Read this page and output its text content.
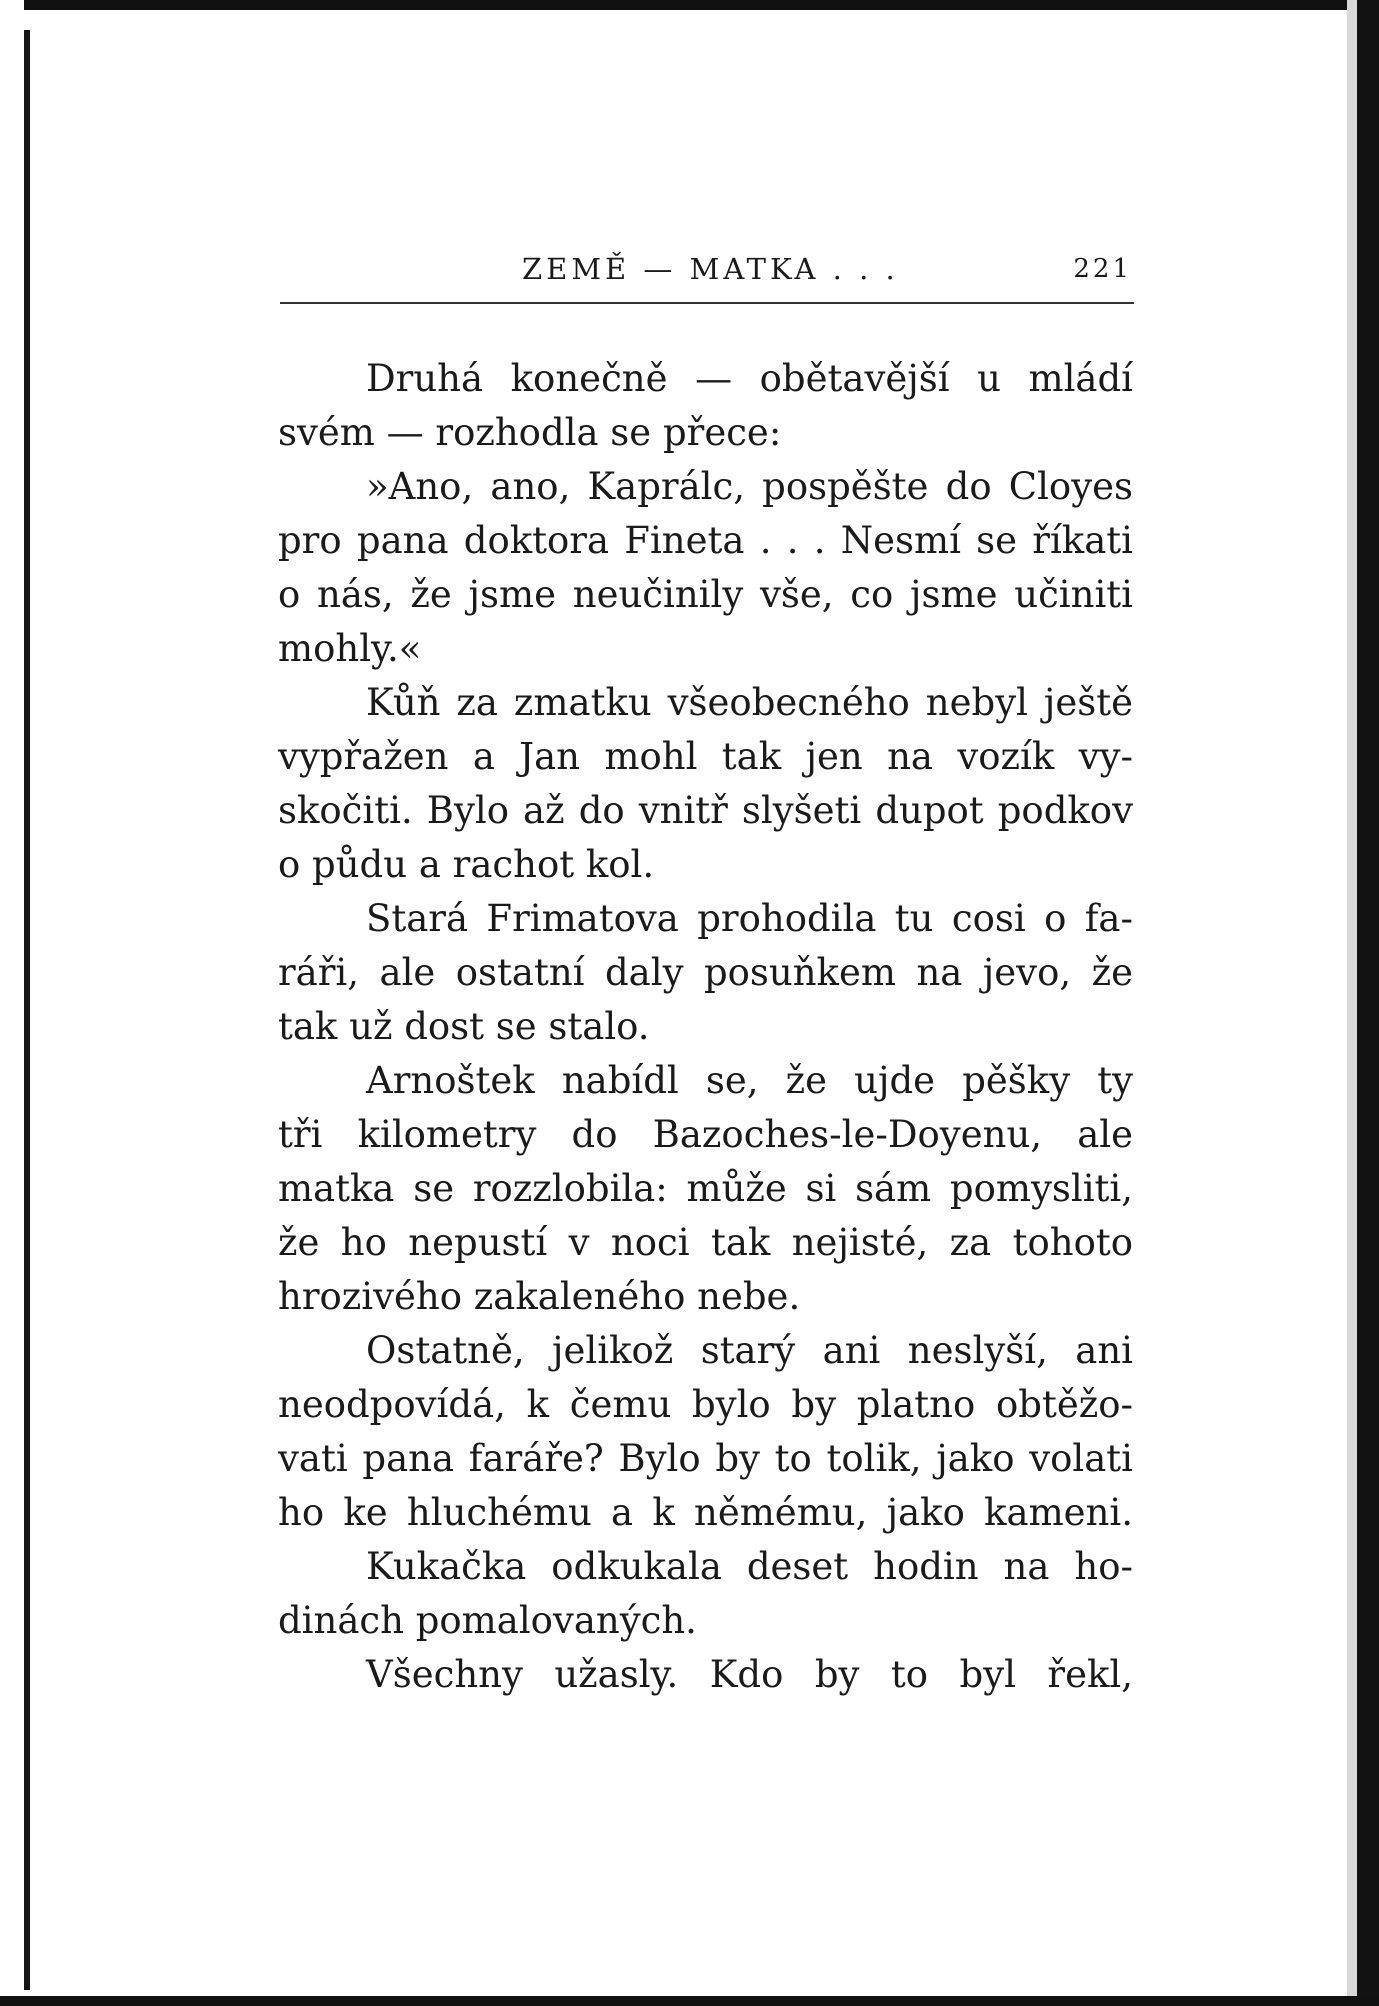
ZEMĚ — MATKA . . .	221
Druhá konečně — obětavější u mládí
svém — rozhodla se přece:
»Ano, ano, Kaprálc, pospěšte do Cloyes
pro pana doktora Fineta . . . Nesmí se říkati
o nás, že jsme neučinily vše, co jsme učiniti
mohly.«
Kůň za zmatku všeobecného nebyl ještě
vypřažen a Jan mohl tak jen na vozík vy-
skočiti. Bylo až do vnitř slyšeti dupot podkov
o půdu a rachot kol.
Stará Frimatova prohodila tu cosi o fa-
ráři, ale ostatní daly posuňkem na jevo, že
tak už dost se stalo.
Arnoštek nabídl se, že ujde pěšky ty
tři kilometry do Bazoches-le-Doyenu, ale
matka se rozzlobila: může si sám pomysliti,
že ho nepustí v noci tak nejisté, za tohoto
hrozivého zakaleného nebe.
Ostatně, jelikož starý ani neslyší, ani
neodpovídá, k čemu bylo by platno obtěžo-
vati pana faráře? Bylo by to tolik, jako volati
ho ke hluchému a k němému, jako kameni.
Kukačka odkukala deset hodin na ho-
dinách pomalovaných.
Všechny užasly. Kdo by to byl řekl,
